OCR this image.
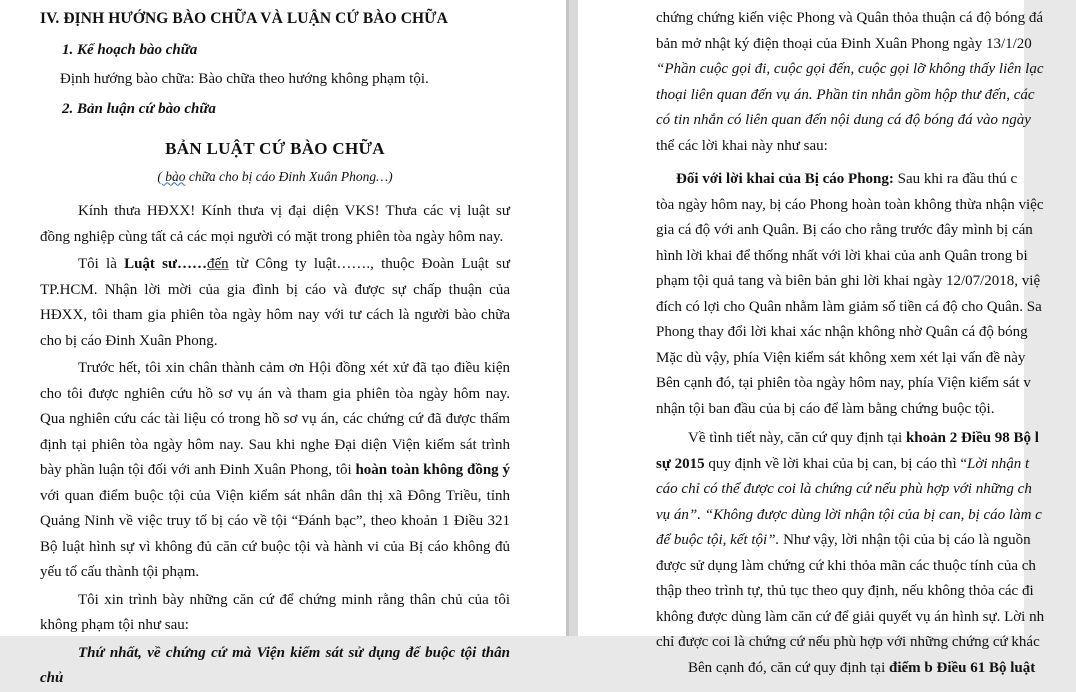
IV. ĐỊNH HƯỚNG BÀO CHỮA VÀ LUẬN CỨ BÀO CHỮA

1. Kế hoạch bào chữa

Định hướng bào chữa: Bào chữa theo hướng không phạm tội.

2. Bản luận cứ bào chữa

BẢN LUẬT CỨ BÀO CHỮA

( bào chữa cho bị cáo Đinh Xuân Phong…)

Kính thưa HĐXX! Kính thưa vị đại diện VKS! Thưa các vị luật sư đồng nghiệp cùng tất cả các mọi người có mặt trong phiên tòa ngày hôm nay.

Tôi là Luật sư……đến từ Công ty luật……., thuộc Đoàn Luật sư TP.HCM. Nhận lời mời của gia đình bị cáo và được sự chấp thuận của HĐXX, tôi tham gia phiên tòa ngày hôm nay với tư cách là người bào chữa cho bị cáo Đinh Xuân Phong.

Trước hết, tôi xin chân thành cảm ơn Hội đồng xét xử đã tạo điều kiện cho tôi được nghiên cứu hồ sơ vụ án và tham gia phiên tòa ngày hôm nay. Qua nghiên cứu các tài liệu có trong hồ sơ vụ án, các chứng cứ đã được thẩm định tại phiên tòa ngày hôm nay. Sau khi nghe Đại diện Viện kiểm sát trình bày phần luận tội đối với anh Đinh Xuân Phong, tôi hoàn toàn không đồng ý với quan điểm buộc tội của Viện kiểm sát nhân dân thị xã Đông Triều, tỉnh Quảng Ninh về việc truy tố bị cáo về tội “Đánh bạc”, theo khoản 1 Điều 321 Bộ luật hình sự vì không đủ căn cứ buộc tội và hành vi của Bị cáo không đủ yếu tố cấu thành tội phạm.

Tôi xin trình bày những căn cứ để chứng minh rằng thân chủ của tôi không phạm tội như sau:

Thứ nhất, về chứng cứ mà Viện kiểm sát sử dụng để buộc tội thân chủ

chứng chứng kiến việc Phong và Quân thỏa thuận cá độ bóng đá
bản mở nhật ký điện thoại của Đinh Xuân Phong ngày 13/1/20
“Phần cuộc gọi đi, cuộc gọi đến, cuộc gọi lỡ không thấy liên lạc
thoại liên quan đến vụ án. Phần tin nhắn gồm hộp thư đến, các
có tin nhắn có liên quan đến nội dung cá độ bóng đá vào ngày
thể các lời khai này như sau:
Đối với lời khai của Bị cáo Phong: Sau khi ra đầu thú c
tòa ngày hôm nay, bị cáo Phong hoàn toàn không thừa nhận việc
gia cá độ với anh Quân. Bị cáo cho rằng trước đây mình bị cán
hình lời khai để thống nhất với lời khai của anh Quân trong bi
phạm tội quả tang và biên bản ghi lời khai ngày 12/07/2018, việ
đích có lợi cho Quân nhằm làm giảm số tiền cá độ cho Quân. Sa
Phong thay đổi lời khai xác nhận không nhờ Quân cá độ bóng
Mặc dù vậy, phía Viện kiểm sát không xem xét lại vấn đề này
Bên cạnh đó, tại phiên tòa ngày hôm nay, phía Viện kiểm sát v
nhận tội ban đầu của bị cáo để làm bằng chứng buộc tội.
Về tình tiết này, căn cứ quy định tại khoản 2 Điều 98 Bộ l
sự 2015 quy định về lời khai của bị can, bị cáo thì “Lời nhận t
cáo chỉ có thể được coi là chứng cứ nếu phù hợp với những ch
vụ án”. “Không được dùng lời nhận tội của bị can, bị cáo làm c
để buộc tội, kết tội”. Như vậy, lời nhận tội của bị cáo là nguồn
được sử dụng làm chứng cứ khi thỏa mãn các thuộc tính của ch
thập theo trình tự, thủ tục theo quy định, nếu không thỏa các đi
không được dùng làm căn cứ để giải quyết vụ án hình sự. Lời nh
chỉ được coi là chứng cứ nếu phù hợp với những chứng cứ khác
Bên cạnh đó, căn cứ quy định tại điểm b Điều 61 Bộ luật
